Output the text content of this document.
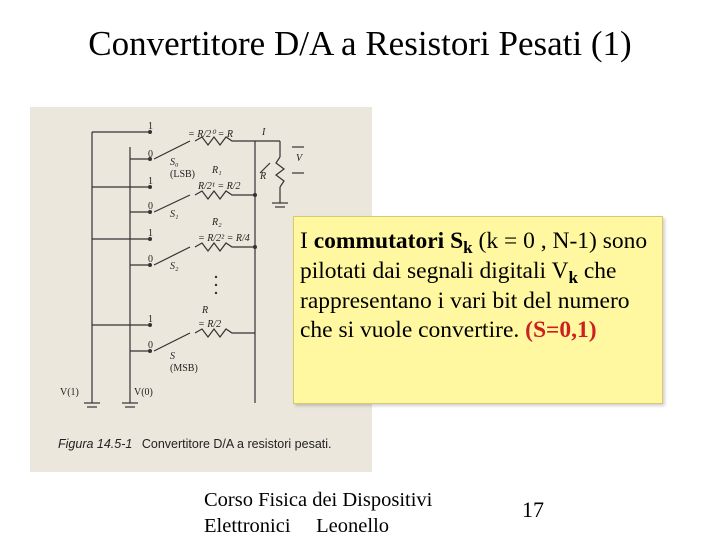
Convertitore D/A a Resistori Pesati (1)
1
0
1
0
1
0
1
0
= R/2⁰ = R	I
S₀
(LSB) R₁
R/2¹ = R/2
V
R
S₁
R₂
= R/2² = R/4
S₂
R
= R/2
S
(MSB)
V(1)	V(0)
Figura 14.5-1 Convertitore D/A a resistori pesati.
I commutatori $S_k$ (k = 0 , N-1) sono pilotati dai segnali digitali $V_k$ che rappresentano i vari bit del numero che si vuole convertire. (S=0,1)
Corso Fisica dei Dispositivi
Elettronici     Leonello
17
